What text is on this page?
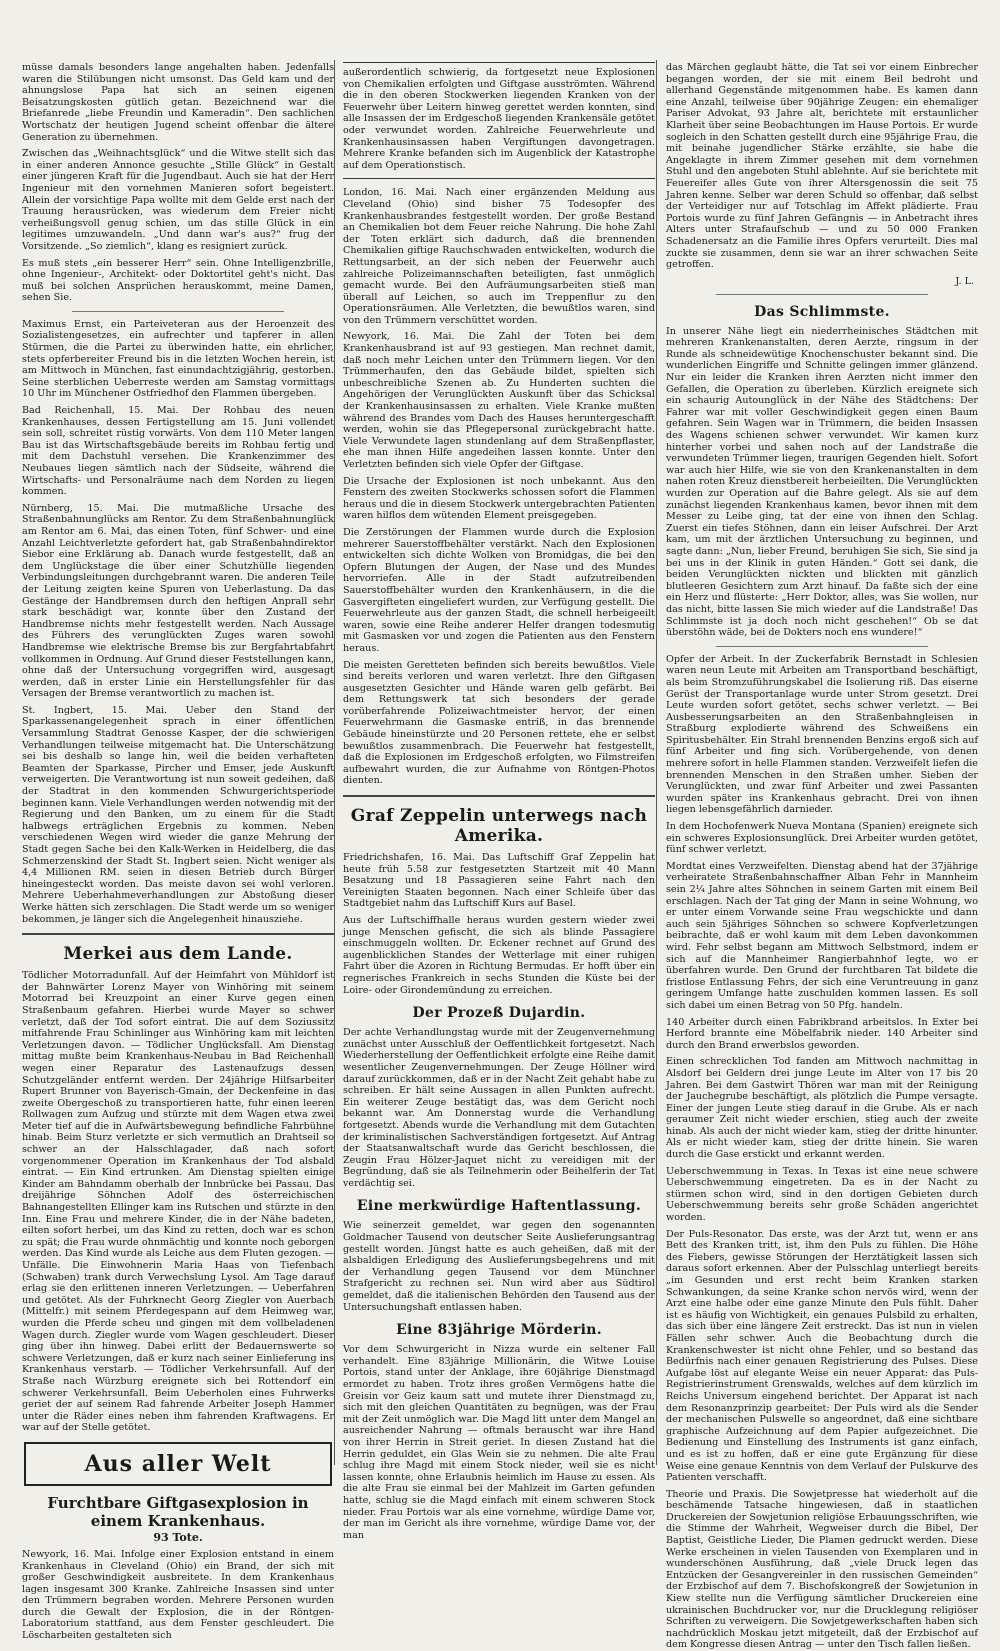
müsse damals besonders lange angehalten haben. Jedenfalls waren die Stilübungen nicht umsonst. Das Geld kam und der ahnungslose Papa hat sich an seinen eigenen Beisatzungskosten gütlich getan. Bezeichnend war die Briefanrede „liebe Freundin und Kameradin“. Den sachlichen Wortschatz der heutigen Jugend scheint offenbar die ältere Generation zu übernehmen.

Zwischen das „Weihnachtsglück“ und die Witwe stellt sich das in einer anderen Annonce gesuchte „Stille Glück“ in Gestalt einer jüngeren Kraft für die Jugendbaut. Auch sie hat der Herr Ingenieur mit den vornehmen Manieren sofort begeistert. Allein der vorsichtige Papa wollte mit dem Gelde erst nach der Trauung herausrücken, was wiederum dem Freier nicht verheißungsvoll genug schien, um das stille Glück in ein legitimes umzuwandeln. „Und dann war's aus?“ frug der Vorsitzende. „So ziemlich“, klang es resigniert zurück.

Es muß stets „ein besserer Herr“ sein. Ohne Intelligenzbrille, ohne Ingenieur-, Architekt- oder Doktortitel geht's nicht. Das muß bei solchen Ansprüchen herauskommt, meine Damen, sehen Sie.

Maximus Ernst, ein Parteiveteran aus der Heroenzeit des Sozialistengesetzes, ein aufrechter und tapferer in allen Stürmen, die die Partei zu überwinden hatte, ein ehrlicher, stets opferbereiter Freund bis in die letzten Wochen herein, ist am Mittwoch in München, fast einundachtzigjährig, gestorben. Seine sterblichen Ueberreste werden am Samstag vormittags 10 Uhr im Münchener Ostfriedhof den Flammen übergeben.

Bad Reichenhall, 15. Mai. Der Rohbau des neuen Krankenhauses, dessen Fertigstellung am 15. Juni vollendet sein soll, schreitet rüstig vorwärts. Von dem 110 Meter langen Bau ist das Wirtschaftsgebäude bereits im Rohbau fertig und mit dem Dachstuhl versehen. Die Krankenzimmer des Neubaues liegen sämtlich nach der Südseite, während die Wirtschafts- und Personalräume nach dem Norden zu liegen kommen.

Nürnberg, 15. Mai. Die mutmaßliche Ursache des Straßenbahnunglücks am Rentor. Zu dem Straßenbahnunglück am Rentor am 6. Mai, das einen Toten, fünf Schwer- und eine Anzahl Leichtverletzte gefordert hat, gab Straßenbahndirektor Siebor eine Erklärung ab. Danach wurde festgestellt, daß an dem Unglückstage die über einer Schutzhülle liegenden Verbindungsleitungen durchgebrannt waren. Die anderen Teile der Leitung zeigten keine Spuren von Ueberlastung. Da das Gestänge der Handbremsen durch den heftigen Anprall sehr stark beschädigt war, konnte über den Zustand der Handbremse nichts mehr festgestellt werden. Nach Aussage des Führers des verunglückten Zuges waren sowohl Handbremse wie elektrische Bremse bis zur Bergfahrtabfahrt vollkommen in Ordnung. Auf Grund dieser Feststellungen kann, ohne daß der Untersuchung vorgegriffen wird, ausgesagt werden, daß in erster Linie ein Herstellungsfehler für das Versagen der Bremse verantwortlich zu machen ist.

St. Ingbert, 15. Mai. Ueber den Stand der Sparkassenangelegenheit sprach in einer öffentlichen Versammlung Stadtrat Genosse Kasper, der die schwierigen Verhandlungen teilweise mitgemacht hat. Die Unterschätzung sei bis deshalb so lange hin, weil die beiden verhafteten Beamten der Sparkasse, Pircher und Emser, jede Auskunft verweigerten. Die Verantwortung ist nun soweit gedeihen, daß der Stadtrat in den kommenden Schwurgerichtsperiode beginnen kann. Viele Verhandlungen werden notwendig mit der Regierung und den Banken, um zu einem für die Stadt halbwegs erträglichen Ergebnis zu kommen. Neben verschiedenen Wegen wird wieder die ganze Mehrung der Stadt gegen Sache bei den Kalk-Werken in Heidelberg, die das Schmerzenskind der Stadt St. Ingbert seien. Nicht weniger als 4,4 Millionen RM. seien in diesen Betrieb durch Bürger hineingesteckt worden. Das meiste davon sei wohl verloren. Mehrere Ueberhahmeverhandlungen zur Abstoßung dieser Werke hätten sich zerschlagen. Die Stadt werde um so weniger bekommen, je länger sich die Angelegenheit hinausziehe.

Merkei aus dem Lande.

Tödlicher Motorradunfall. Auf der Heimfahrt von Mühldorf ist der Bahnwärter Lorenz Mayer von Winhöring mit seinem Motorrad bei Kreuzpoint an einer Kurve gegen einen Straßenbaum gefahren. Hierbei wurde Mayer so schwer verletzt, daß der Tod sofort eintrat. Die auf dem Soziussitz mitfahrende Frau Schinlinger aus Winhöring kam mit leichten Verletzungen davon. — Tödlicher Unglücksfall. Am Dienstag mittag mußte beim Krankenhaus-Neubau in Bad Reichenhall wegen einer Reparatur des Lastenaufzugs dessen Schutzgeländer entfernt werden. Der 24jährige Hilfsarbeiter Rupert Brunner von Bayerisch-Gmain, der Deckenfeine in das zweite Obergeschoß zu transportieren hatte, fuhr einen leeren Rollwagen zum Aufzug und stürzte mit dem Wagen etwa zwei Meter tief auf die in Aufwärtsbewegung befindliche Fahrbühne hinab. Beim Sturz verletzte er sich vermutlich an Drahtseil so schwer an der Halsschlagader, daß nach sofort vorgenommener Operation im Krankenhaus der Tod alsbald eintrat. — Ein Kind ertrunken. Am Dienstag spielten einige Kinder am Bahndamm oberhalb der Innbrücke bei Passau. Das dreijährige Söhnchen Adolf des österreichischen Bahnangestellten Ellinger kam ins Rutschen und stürzte in den Inn. Eine Frau und mehrere Kinder, die in der Nähe badeten, eilten sofort herbei, um das Kind zu retten, doch war es schon zu spät; die Frau wurde ohnmächtig und konnte noch geborgen werden. Das Kind wurde als Leiche aus dem Fluten gezogen. — Unfälle. Die Einwohnerin Maria Haas von Tiefenbach (Schwaben) trank durch Verwechslung Lysol. Am Tage darauf erlag sie den erlittenen inneren Verletzungen. — Ueberfahren und getötet. Als der Fuhrknecht Georg Ziegler von Auerbach (Mittelfr.) mit seinem Pferdegespann auf dem Heimweg war, wurden die Pferde scheu und gingen mit dem vollbeladenen Wagen durch. Ziegler wurde vom Wagen geschleudert. Dieser ging über ihn hinweg. Dabei erlitt der Bedauernswerte so schwere Verletzungen, daß er kurz nach seiner Einlieferung ins Krankenhaus verstarb. — Tödlicher Verkehrsunfall. Auf der Straße nach Würzburg ereignete sich bei Rottendorf ein schwerer Verkehrsunfall. Beim Ueberholen eines Fuhrwerks geriet der auf seinem Rad fahrende Arbeiter Joseph Hammer unter die Räder eines neben ihm fahrenden Kraftwagens. Er war auf der Stelle getötet.

Aus aller Welt
Furchtbare Giftgasexplosion in einem Krankenhaus.
93 Tote.

Newyork, 16. Mai. Infolge einer Explosion entstand in einem Krankenhaus in Cleveland (Ohio) ein Brand, der sich mit großer Geschwindigkeit ausbreitete. In dem Krankenhaus lagen insgesamt 300 Kranke. Zahlreiche Insassen sind unter den Trümmern begraben worden. Mehrere Personen wurden durch die Gewalt der Explosion, die in der Röntgen-Laboratorium stattfand, aus dem Fenster geschleudert. Die Löscharbeiten gestalteten sich

außerordentlich schwierig, da fortgesetzt neue Explosionen von Chemikalien erfolgten und Giftgase ausströmten. Während die in den oberen Stockwerken liegenden Kranken von der Feuerwehr über Leitern hinweg gerettet werden konnten, sind alle Insassen der im Erdgeschoß liegenden Krankensäle getötet oder verwundet worden. Zahlreiche Feuerwehrleute und Krankenhausinsassen haben Vergiftungen davongetragen. Mehrere Kranke befanden sich im Augenblick der Katastrophe auf dem Operationstisch.

London, 16. Mai. Nach einer ergänzenden Meldung aus Cleveland (Ohio) sind bisher 75 Todesopfer des Krankenhausbrandes festgestellt worden. Der große Bestand an Chemikalien bot dem Feuer reiche Nahrung. Die hohe Zahl der Toten erklärt sich dadurch, daß die brennenden Chemikalien giftige Rauchschwaden entwickelten, wodurch die Rettungsarbeit, an der sich neben der Feuerwehr auch zahlreiche Polizeimannschaften beteiligten, fast unmöglich gemacht wurde. Bei den Aufräumungsarbeiten stieß man überall auf Leichen, so auch im Treppenflur zu den Operationsräumen. Alle Verletzten, die bewußtlos waren, sind von den Trümmern verschüttet worden.

Newyork, 16. Mai. Die Zahl der Toten bei dem Krankenhausbrand ist auf 93 gestiegen. Man rechnet damit, daß noch mehr Leichen unter den Trümmern liegen. Vor den Trümmerhaufen, den das Gebäude bildet, spielten sich unbeschreibliche Szenen ab. Zu Hunderten suchten die Angehörigen der Verunglückten Auskunft über das Schicksal der Krankenhausinsassen zu erhalten. Viele Kranke mußten während des Brandes vom Dach des Hauses heruntergeschafft werden, wohin sie das Pflegepersonal zurückgebracht hatte. Viele Verwundete lagen stundenlang auf dem Straßenpflaster, ehe man ihnen Hilfe angedeihen lassen konnte. Unter den Verletzten befinden sich viele Opfer der Giftgase.

Die Ursache der Explosionen ist noch unbekannt. Aus den Fenstern des zweiten Stockwerks schossen sofort die Flammen heraus und die in diesem Stockwerk untergebrachten Patienten waren hilflos dem wütenden Element preisgegeben.

Die Zerstörungen der Flammen wurde durch die Explosion mehrerer Sauerstoffbehälter verstärkt. Nach den Explosionen entwickelten sich dichte Wolken von Bromidgas, die bei den Opfern Blutungen der Augen, der Nase und des Mundes hervorriefen. Alle in der Stadt aufzutreibenden Sauerstoffbehälter wurden den Krankenhäusern, in die die Gasvergifteten eingeliefert wurden, zur Verfügung gestellt. Die Feuerwehrleute aus der ganzen Stadt, die schnell herbeigeeilt waren, sowie eine Reihe anderer Helfer drangen todesmutig mit Gasmasken vor und zogen die Patienten aus den Fenstern heraus.

Die meisten Geretteten befinden sich bereits bewußtlos. Viele sind bereits verloren und waren verletzt. Ihre den Giftgasen ausgesetzten Gesichter und Hände waren gelb gefärbt. Bei dem Rettungswerk tat sich besonders der gerade vorüberfahrende Polizeiwachtmeister hervor, der einen Feuerwehrmann die Gasmaske entriß, in das brennende Gebäude hineinstürzte und 20 Personen rettete, ehe er selbst bewußtlos zusammenbrach. Die Feuerwehr hat festgestellt, daß die Explosionen im Erdgeschoß erfolgten, wo Filmstreifen aufbewahrt wurden, die zur Aufnahme von Röntgen-Photos dienten.

Graf Zeppelin unterwegs nach Amerika.

Friedrichshafen, 16. Mai. Das Luftschiff Graf Zeppelin hat heute früh 5.58 zur festgesetzten Startzeit mit 40 Mann Besatzung und 18 Passagieren seine Fahrt nach den Vereinigten Staaten begonnen. Nach einer Schleife über das Stadtgebiet nahm das Luftschiff Kurs auf Basel.

Aus der Luftschiffhalle heraus wurden gestern wieder zwei junge Menschen gefischt, die sich als blinde Passagiere einschmuggeln wollten. Dr. Eckener rechnet auf Grund des augenblicklichen Standes der Wetterlage mit einer ruhigen Fahrt über die Azoren in Richtung Bermudas. Er hofft über ein regnerisches Frankreich in sechs Stunden die Küste bei der Loire- oder Girondemündung zu erreichen.

Der Prozeß Dujardin.

Der achte Verhandlungstag wurde mit der Zeugenvernehmung zunächst unter Ausschluß der Oeffentlichkeit fortgesetzt. Nach Wiederherstellung der Oeffentlichkeit erfolgte eine Reihe damit wesentlicher Zeugenvernehmungen. Der Zeuge Höllner wird darauf zurückkommen, daß er in der Nacht Zeit gehabt habe zu schreiben. Er hält seine Aussagen in allen Punkten aufrecht. Ein weiterer Zeuge bestätigt das, was dem Gericht noch bekannt war. Am Donnerstag wurde die Verhandlung fortgesetzt. Abends wurde die Verhandlung mit dem Gutachten der kriminalistischen Sachverständigen fortgesetzt. Auf Antrag der Staatsanwaltschaft wurde das Gericht beschlossen, die Zeugin Frau Hölzer-Jaquet nicht zu vereidigen mit der Begründung, daß sie als Teilnehmerin oder Beihelferin der Tat verdächtig sei.

Eine merkwürdige Haftentlassung.

Wie seinerzeit gemeldet, war gegen den sogenannten Goldmacher Tausend von deutscher Seite Auslieferungsantrag gestellt worden. Jüngst hatte es auch geheißen, daß mit der alsbaldigen Erledigung des Auslieferungsbegehrens und mit der Verhandlung gegen Tausend vor dem Münchner Strafgericht zu rechnen sei. Nun wird aber aus Südtirol gemeldet, daß die italienischen Behörden den Tausend aus der Untersuchungshaft entlassen haben.

Eine 83jährige Mörderin.

Vor dem Schwurgericht in Nizza wurde ein seltener Fall verhandelt. Eine 83jährige Millionärin, die Witwe Louise Portois, stand unter der Anklage, ihre 60jährige Dienstmagd ermordet zu haben. Trotz ihres großen Vermögens hatte die Greisin vor Geiz kaum satt und mutete ihrer Dienstmagd zu, sich mit den gleichen Quantitäten zu begnügen, was der Frau mit der Zeit unmöglich war. Die Magd litt unter dem Mangel an ausreichender Nahrung — oftmals berauscht war ihre Hand von ihrer Herrin in Streit geriet. In diesen Zustand hat die Herrin geduldet, ein Glas Wein sie zu nehmen. Die alte Frau schlug ihre Magd mit einem Stock nieder, weil sie es nicht lassen konnte, ohne Erlaubnis heimlich im Hause zu essen. Als die alte Frau sie einmal bei der Mahlzeit im Garten gefunden hatte, schlug sie die Magd einfach mit einem schweren Stock nieder. Frau Portois war als eine vornehme, würdige Dame vor, der man im Gericht als ihre vornehme, würdige Dame vor, der man

das Märchen geglaubt hätte, die Tat sei vor einem Einbrecher begangen worden, der sie mit einem Beil bedroht und allerhand Gegenstände mitgenommen habe. Es kamen dann eine Anzahl, teilweise über 90jährige Zeugen: ein ehemaliger Pariser Advokat, 93 Jahre alt, berichtete mit erstaunlicher Klarheit über seine Beobachtungen im Hause Portois. Er wurde sogleich in den Schatten gestellt durch eine 95jährige Frau, die mit beinahe jugendlicher Stärke erzählte, sie habe die Angeklagte in ihrem Zimmer gesehen mit dem vornehmen Stuhl und den angeboten Stuhl ablehnte. Auf sie berichtete mit Feuereifer alles Gute von ihrer Altersgenossin die seit 75 Jahren kenne. Selber war deren Schuld so offenbar, daß selbst der Verteidiger nur auf Totschlag im Affekt plädierte. Frau Portois wurde zu fünf Jahren Gefängnis — in Anbetracht ihres Alters unter Strafaufschub — und zu 50 000 Franken Schadenersatz an die Familie ihres Opfers verurteilt. Dies mal zuckte sie zusammen, denn sie war an ihrer schwachen Seite getroffen.

J. L.
Das Schlimmste.

In unserer Nähe liegt ein niederrheinisches Städtchen mit mehreren Krankenanstalten, deren Aerzte, ringsum in der Runde als schneidewütige Knochenschuster bekannt sind. Die wunderlichen Eingriffe und Schnitte gelingen immer glänzend. Nur ein leider die Kranken ihren Aerzten nicht immer den Gefallen, die Operation zu überleben. Kürzlich ereignete sich ein schaurig Autounglück in der Nähe des Städtchens: Der Fahrer war mit voller Geschwindigkeit gegen einen Baum gefahren. Sein Wagen war in Trümmern, die beiden Insassen des Wagens schienen schwer verwundet. Wir kamen kurz hinterher vorbei und sahen noch auf der Landstraße die verwundeten Trümmer liegen, traurigen Gegenden hielt. Sofort war auch hier Hilfe, wie sie von den Krankenanstalten in dem nahen roten Kreuz dienstbereit herbeieilten. Die Verunglückten wurden zur Operation auf die Bahre gelegt. Als sie auf dem zunächst liegenden Krankenhaus kamen, bevor ihnen mit dem Messer zu Leibe ging, tat der eine von ihnen den Schlag. Zuerst ein tiefes Stöhnen, dann ein leiser Aufschrei. Der Arzt kam, um mit der ärztlichen Untersuchung zu beginnen, und sagte dann: „Nun, lieber Freund, beruhigen Sie sich, Sie sind ja bei uns in der Klinik in guten Händen.“ Gott sei dank, die beiden Verunglückten nickten und blickten mit gänzlich blutleeren Gesichtern zum Arzt hinauf. Da faßte sich der eine ein Herz und flüsterte: „Herr Doktor, alles, was Sie wollen, nur das nicht, bitte lassen Sie mich wieder auf die Landstraße! Das Schlimmste ist ja doch noch nicht geschehen!“ Ob se dat überstöhn wäde, bei de Dokters noch ens wundere!“

Opfer der Arbeit. In der Zuckerfabrik Bernstadt in Schlesien waren neun Leute mit Arbeiten am Transportband beschäftigt, als beim Stromzuführungskabel die Isolierung riß. Das eiserne Gerüst der Transportanlage wurde unter Strom gesetzt. Drei Leute wurden sofort getötet, sechs schwer verletzt. — Bei Ausbesserungsarbeiten an den Straßenbahngleisen in Straßburg explodierte während des Schweißens ein Spiritusbehälter. Ein Strahl brennenden Benzins ergoß sich auf fünf Arbeiter und fing sich. Vorübergehende, von denen mehrere sofort in helle Flammen standen. Verzweifelt liefen die brennenden Menschen in den Straßen umher. Sieben der Verunglückten, und zwar fünf Arbeiter und zwei Passanten wurden später ins Krankenhaus gebracht. Drei von ihnen liegen lebensgefährlich darnieder.

In dem Hochofenwerk Nueva Montana (Spanien) ereignete sich ein schweres Explosionsunglück. Drei Arbeiter wurden getötet, fünf schwer verletzt.

Mordtat eines Verzweifelten. Dienstag abend hat der 37jährige verheiratete Straßenbahnschaffner Alban Fehr in Mannheim sein 2¼ Jahre altes Söhnchen in seinem Garten mit einem Beil erschlagen. Nach der Tat ging der Mann in seine Wohnung, wo er unter einem Vorwande seine Frau wegschickte und dann auch sein 5jähriges Söhnchen so schwere Kopfverletzungen beibrachte, daß er wohl kaum mit dem Leben davonkommen wird. Fehr selbst begann am Mittwoch Selbstmord, indem er sich auf die Mannheimer Rangierbahnhof legte, wo er überfahren wurde. Den Grund der furchtbaren Tat bildete die fristlose Entlassung Fehrs, der sich eine Veruntreuung in ganz geringem Umfange hatte zuschulden kommen lassen. Es soll sich dabei um einen Betrag von 50 Pfg. handeln.

140 Arbeiter durch einen Fabrikbrand arbeitslos. In Exter bei Herford brannte eine Möbelfabrik nieder. 140 Arbeiter sind durch den Brand erwerbslos geworden.

Einen schrecklichen Tod fanden am Mittwoch nachmittag in Alsdorf bei Geldern drei junge Leute im Alter von 17 bis 20 Jahren. Bei dem Gastwirt Thören war man mit der Reinigung der Jauchegrube beschäftigt, als plötzlich die Pumpe versagte. Einer der jungen Leute stieg darauf in die Grube. Als er nach geraumer Zeit nicht wieder erschien, stieg auch der zweite hinab. Als auch der nicht wieder kam, stieg der dritte hinunter. Als er nicht wieder kam, stieg der dritte hinein. Sie waren durch die Gase erstickt und erkannt werden.

Ueberschwemmung in Texas. In Texas ist eine neue schwere Ueberschwemmung eingetreten. Da es in der Nacht zu stürmen schon wird, sind in den dortigen Gebieten durch Ueberschwemmung bereits sehr große Schäden angerichtet worden.

Der Puls-Resonator. Das erste, was der Arzt tut, wenn er ans Bett des Kranken tritt, ist, ihm den Puls zu fühlen. Die Höhe des Fiebers, gewisse Störungen der Herztätigkeit lassen sich daraus sofort erkennen. Aber der Pulsschlag unterliegt bereits „im Gesunden und erst recht beim Kranken starken Schwankungen, da seine Kranke schon nervös wird, wenn der Arzt eine halbe oder eine ganze Minute den Puls fühlt. Daher ist es häufig von Wichtigkeit, ein genaues Pulsbild zu erhalten, das sich über eine längere Zeit erstreckt. Das ist nun in vielen Fällen sehr schwer. Auch die Beobachtung durch die Krankenschwester ist nicht ohne Fehler, und so bestand das Bedürfnis nach einer genauen Registrierung des Pulses. Diese Aufgabe löst auf elegante Weise ein neuer Apparat: das Puls-Registrierinstrument Grenswalds, welches auf dem kürzlich im Reichs Universum eingehend berichtet. Der Apparat ist nach dem Resonanzprinzip gearbeitet: Der Puls wird als die Sender der mechanischen Pulswelle so angeordnet, daß eine sichtbare graphische Aufzeichnung auf dem Papier aufgezeichnet. Die Bedienung und Einstellung des Instruments ist ganz einfach, und es ist zu hoffen, daß er eine gute Ergänzung für diese Weise eine genaue Kenntnis von dem Verlauf der Pulskurve des Patienten verschafft.

Theorie und Praxis. Die Sowjetpresse hat wiederholt auf die beschämende Tatsache hingewiesen, daß in staatlichen Druckereien der Sowjetunion religiöse Erbauungsschriften, wie die Stimme der Wahrheit, Wegweiser durch die Bibel, Der Baptist, Geistliche Lieder, Die Plamen gedruckt werden. Diese Werke erscheinen in vielen Tausenden von Exemplaren und in wunderschönen Ausführung, daß „viele Druck legen das Entzücken der Gesangvereinler in den russischen Gemeinden“ der Erzbischof auf dem 7. Bischofskongreß der Sowjetunion in Kiew stellte nun die Verfügung sämtlicher Druckereien eine ukrainischen Buchdrucker vor, nur die Drucklegung religiöser Schriften zu verweigern. Die Sowjetgewerkschaften haben sich nachdrücklich Moskau jetzt mitgeteilt, daß der Erzbischof auf dem Kongresse diesen Antrag — unter den Tisch fallen ließen.
